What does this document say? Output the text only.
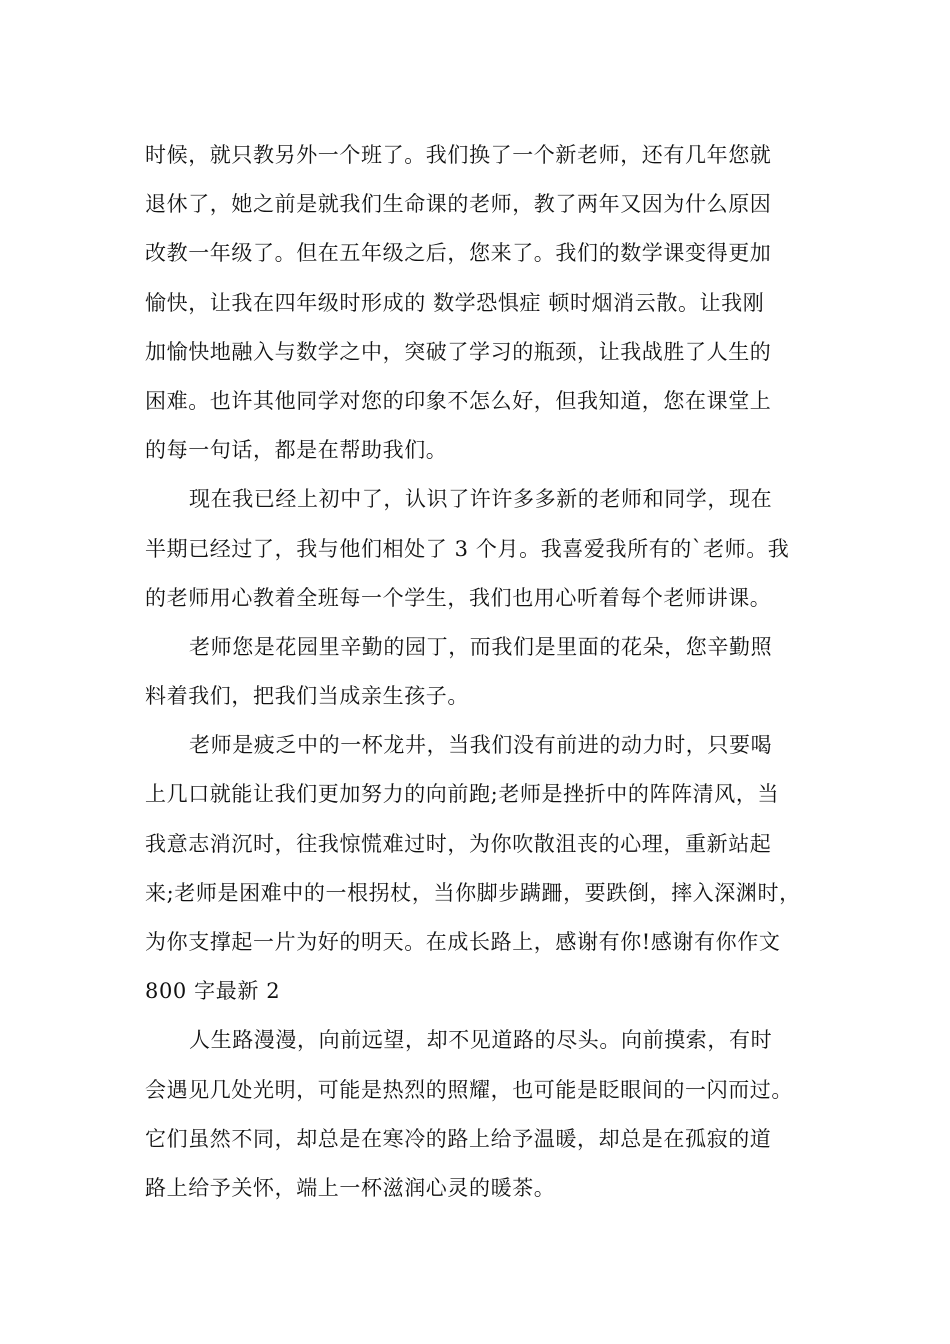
时候，就只教另外一个班了。我们换了一个新老师，还有几年您就
退休了，她之前是就我们生命课的老师，教了两年又因为什么原因
改教一年级了。但在五年级之后，您来了。我们的数学课变得更加
愉快，让我在四年级时形成的 数学恐惧症 顿时烟消云散。让我刚
加愉快地融入与数学之中，突破了学习的瓶颈，让我战胜了人生的
困难。也许其他同学对您的印象不怎么好，但我知道，您在课堂上
的每一句话，都是在帮助我们。
现在我已经上初中了，认识了许许多多新的老师和同学，现在
半期已经过了，我与他们相处了 3 个月。我喜爱我所有的`老师。我
的老师用心教着全班每一个学生，我们也用心听着每个老师讲课。
老师您是花园里辛勤的园丁，而我们是里面的花朵，您辛勤照
料着我们，把我们当成亲生孩子。
老师是疲乏中的一杯龙井，当我们没有前进的动力时，只要喝
上几口就能让我们更加努力的向前跑;老师是挫折中的阵阵清风，当
我意志消沉时，往我惊慌难过时，为你吹散沮丧的心理，重新站起
来;老师是困难中的一根拐杖，当你脚步蹒跚，要跌倒，摔入深渊时，
为你支撑起一片为好的明天。在成长路上，感谢有你!感谢有你作文
800 字最新 2
人生路漫漫，向前远望，却不见道路的尽头。向前摸索，有时
会遇见几处光明，可能是热烈的照耀，也可能是眨眼间的一闪而过。
它们虽然不同，却总是在寒冷的路上给予温暖，却总是在孤寂的道
路上给予关怀，端上一杯滋润心灵的暖茶。
